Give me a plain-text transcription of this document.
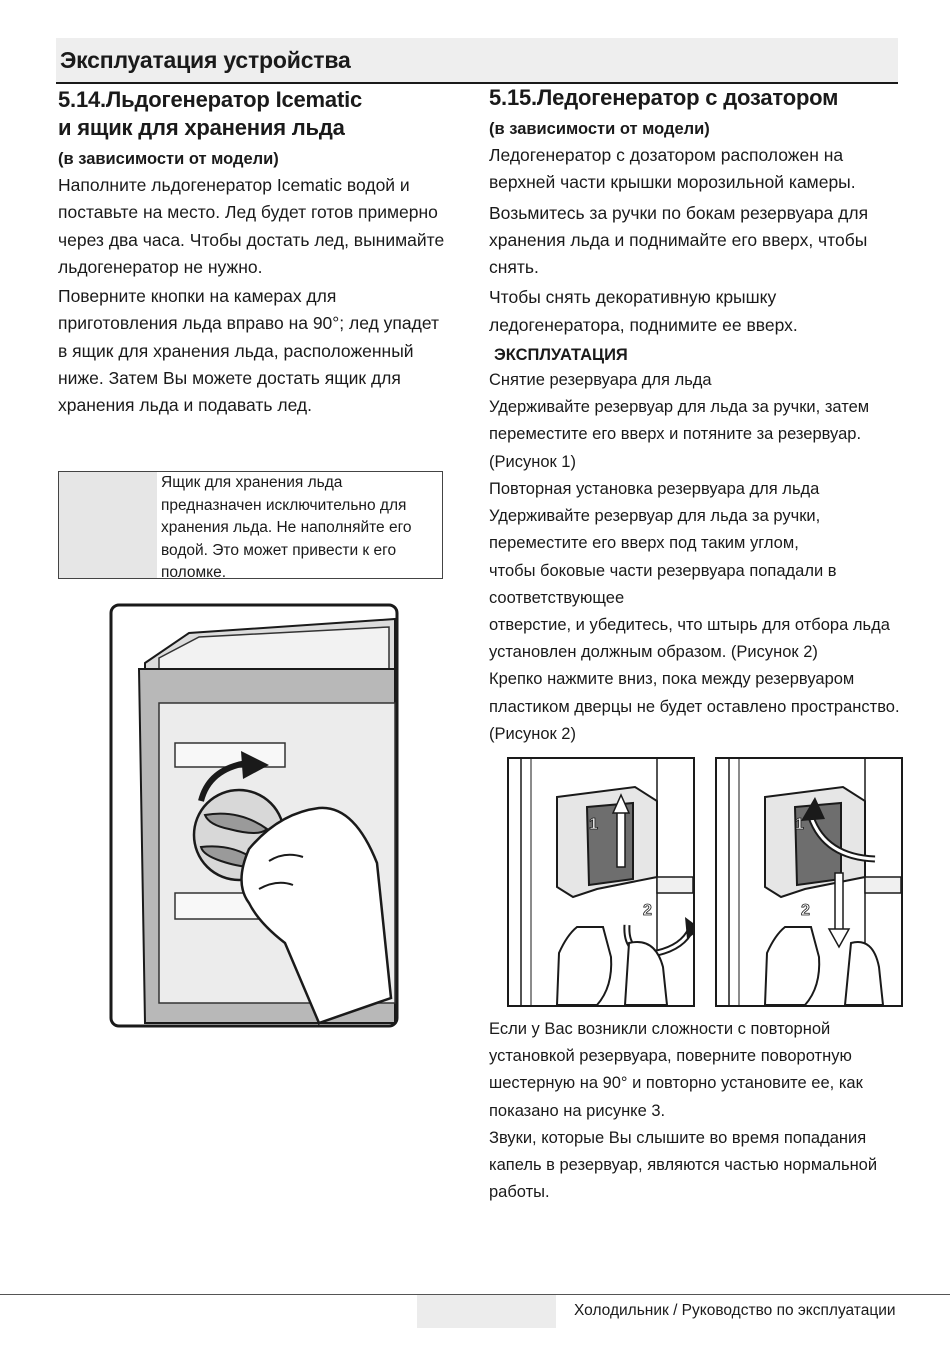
Эксплуатация устройства
5.14.Льдогенератор Icematic
и ящик для хранения льда
(в зависимости от модели)

Наполните льдогенератор Icematic водой и поставьте на место. Лед будет готов примерно через два часа. Чтобы достать лед, вынимайте льдогенератор не нужно.

Поверните кнопки на камерах для приготовления льда вправо на 90°; лед упадет в ящик для хранения льда, расположенный ниже. Затем Вы можете достать ящик для хранения льда и подавать лед.

Ящик для хранения льда предназначен исключительно для хранения льда. Не наполняйте его водой. Это может привести к его поломке.
5.15.Ледогенератор с дозатором
(в зависимости от модели)

Ледогенератор с дозатором расположен на верхней части крышки морозильной камеры.

Возьмитесь за ручки по бокам резервуара для хранения льда и поднимайте его вверх, чтобы снять.

Чтобы снять декоративную крышку ледогенератора, поднимите ее вверх.

ЭКСПЛУАТАЦИЯ

Снятие резервуара для льда

Удерживайте резервуар для льда за ручки, затем переместите его вверх и потяните за резервуар. (Рисунок 1)

Повторная установка резервуара для льда

Удерживайте резервуар для льда за ручки, переместите его вверх под таким углом,

чтобы боковые части резервуара попадали в соответствующее

отверстие, и убедитесь, что штырь для отбора льда установлен должным образом. (Рисунок 2)

Крепко нажмите вниз, пока между резервуаром пластиком дверцы не будет оставлено пространство. (Рисунок 2)

1
2
1
2

Если у Вас возникли сложности с повторной установкой резервуара, поверните поворотную шестерную на 90° и повторно установите ее, как показано на рисунке 3.

Звуки, которые Вы слышите во время попадания капель в резервуар, являются частью нормальной работы.

Холодильник / Руководство по эксплуатации
